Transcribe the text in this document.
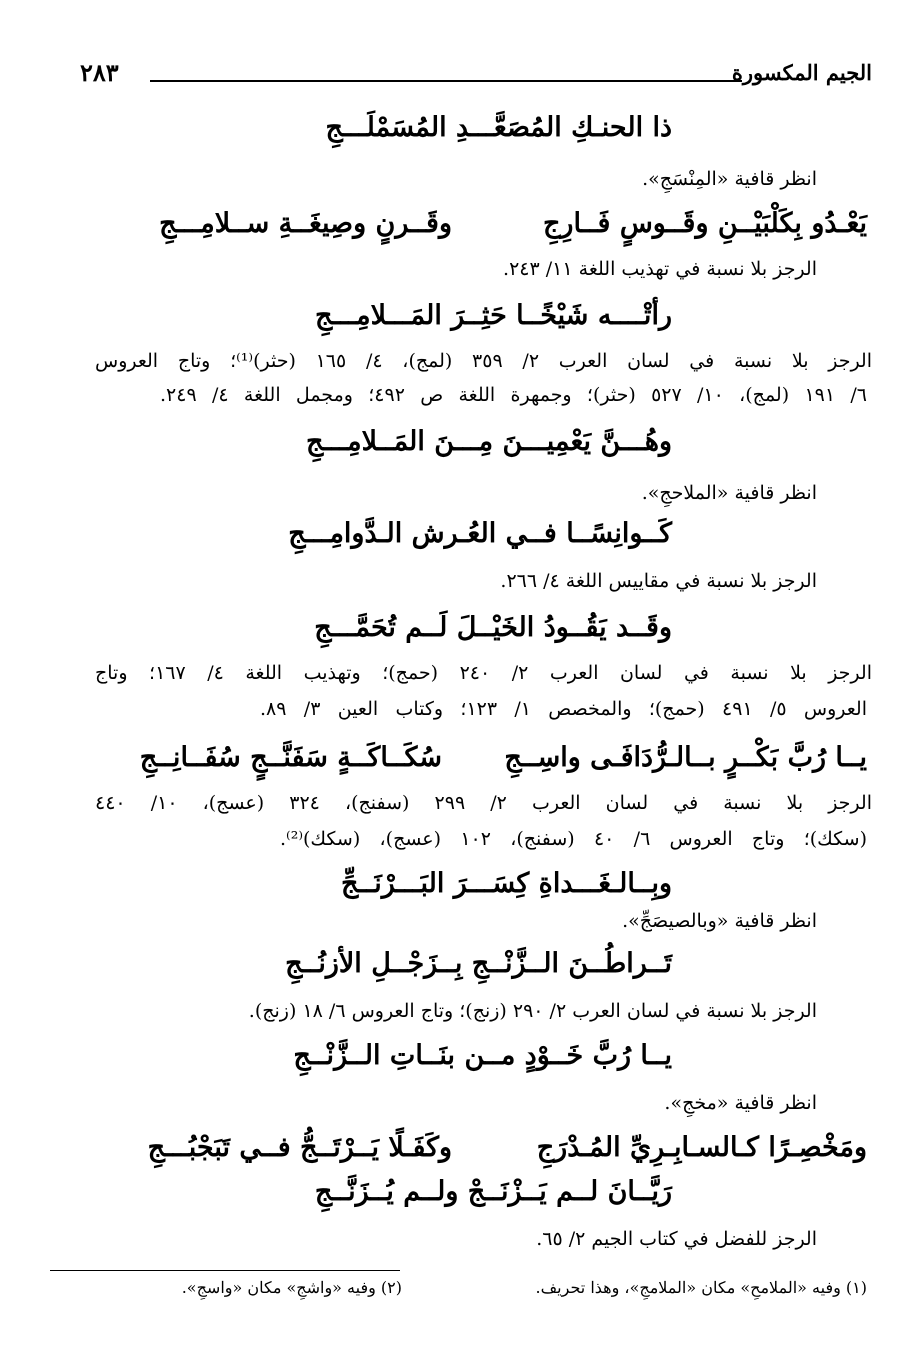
الجيم المكسورة
٢٨٣
ذا الحنـكِ المُصَعَّـــدِ المُسَمْلَـــجِ
انظر قافية «المِنْسَجِ».
يَعْـدُو بِكَلْبَيْــنِ وقَــوسٍ فَــارِجِ
وقَــرنٍ وصِيغَــةِ ســلامِـــجِ
الرجز بلا نسبة في تهذيب اللغة ١١/ ٢٤٣.
رأتْــــه شَيْخًــا حَثِــرَ المَـــلامِـــجِ
الرجز بلا نسبة في لسان العرب ٢/ ٣٥٩ (لمج)، ٤/ ١٦٥ (حثر)⁽¹⁾؛ وتاج العروس
٦/ ١٩١ (لمج)، ١٠/ ٥٢٧ (حثر)؛ وجمهرة اللغة ص ٤٩٢؛ ومجمل اللغة ٤/ ٢٤٩.
وهُـــنَّ يَعْمِيـــنَ مِـــنَ المَــلامِـــجِ
انظر قافية «الملاحجِ».
كَــوانِسًــا فــي العُـرش الـدَّوامِـــجِ
الرجز بلا نسبة في مقاييس اللغة ٤/ ٢٦٦.
وقَــد يَقُــودُ الخَيْــلَ لَــم تُحَمَّـــجِ
الرجز بلا نسبة في لسان العرب ٢/ ٢٤٠ (حمج)؛ وتهذيب اللغة ٤/ ١٦٧؛ وتاج
العروس ٥/ ٤٩١ (حمج)؛ والمخصص ١/ ١٢٣؛ وكتاب العين ٣/ ٨٩.
يــا رُبَّ بَكْــرٍ بــالـرُّدَافَـى واسِــجِ
سُكَــاكَــةٍ سَفَنَّــجٍ سُفَــانِــجِ
الرجز بلا نسبة في لسان العرب ٢/ ٢٩٩ (سفنج)، ٣٢٤ (عسج)، ١٠/ ٤٤٠
(سكك)؛ وتاج العروس ٦/ ٤٠ (سفنج)، ١٠٢ (عسج)، (سكك)⁽²⁾.
وبِــالـغَـــداةِ كِسَـــرَ البَـــرْنَــجِّ
انظر قافية «وبالصيصَجِّ».
تَــراطُــنَ الــزَّنْــجِ بِــزَجْــلِ الأزنُــجِ
الرجز بلا نسبة في لسان العرب ٢/ ٢٩٠ (زنج)؛ وتاج العروس ٦/ ١٨ (زنج).
يــا رُبَّ خَــوْدٍ مــن بنَــاتِ الــزَّنْــجِ
انظر قافية «مخجِ».
ومَخْصِـرًا كـالسـابِـرِيِّ المُـدْرَجِ
وكَفَـلًا يَــرْتَــجُّ فــي تَبَجْبُـــجِ
رَيَّــانَ لــم يَــزْنَــجْ ولــم يُــزَنَّــجِ
الرجز للفضل في كتاب الجيم ٢/ ٦٥.
(١) وفيه «الملامحِ» مكان «الملامجِ»، وهذا تحريف.
(٢) وفيه «واشجِ» مكان «واسجِ».
